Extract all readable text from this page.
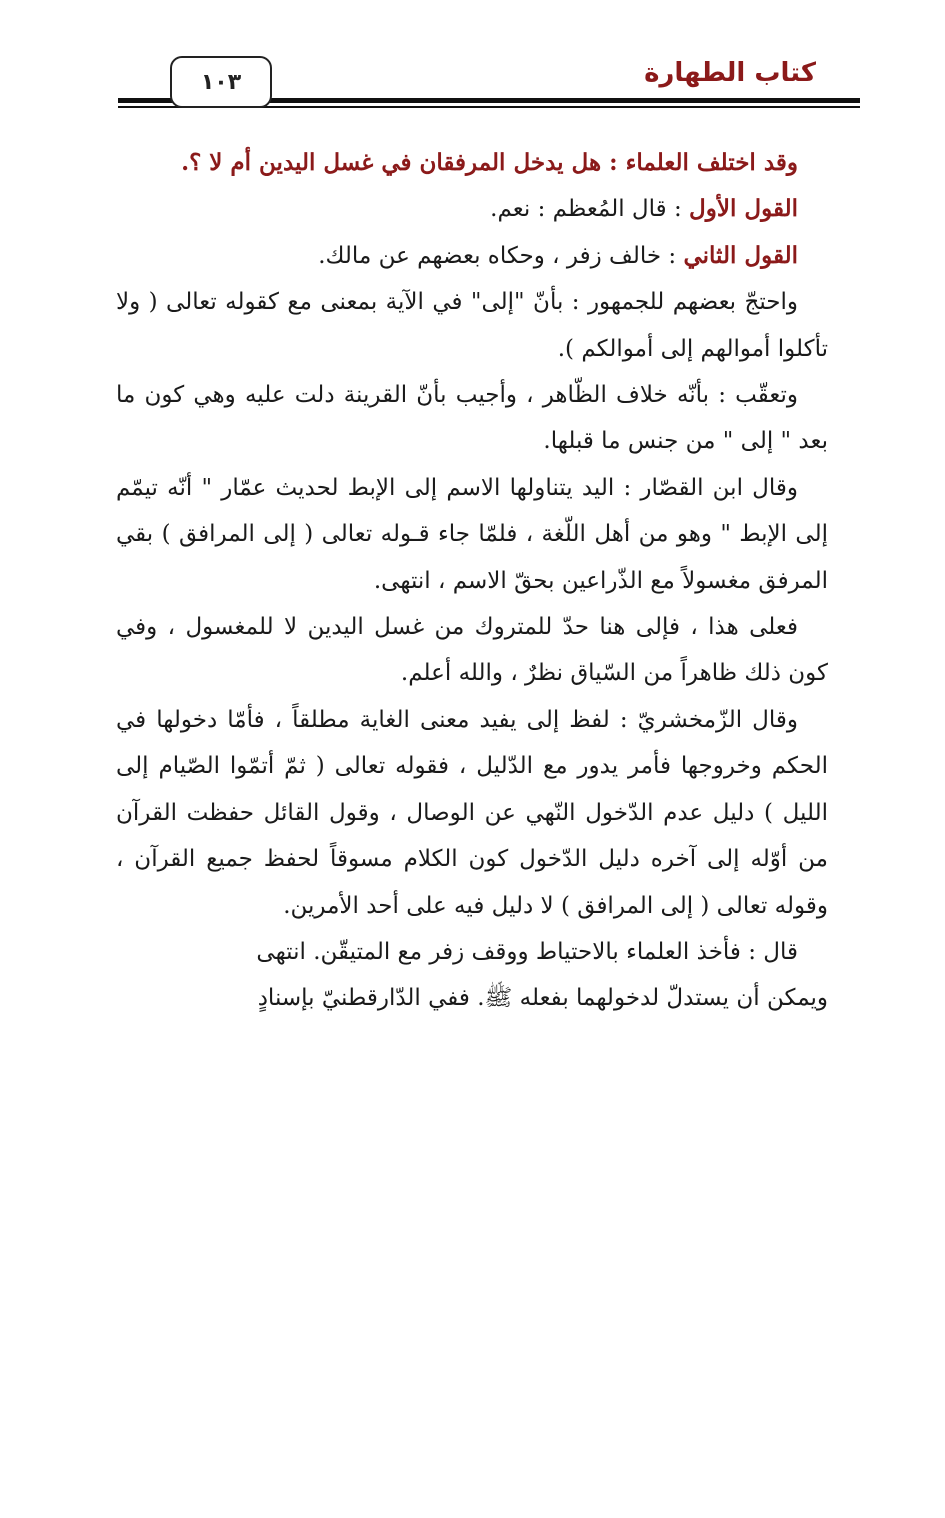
١٠٣	كتاب الطهارة

وقد اختلف العلماء : هل يدخل المرفقان في غسل اليدين أم لا ؟.

القول الأول : قال المُعظم : نعم.

القول الثاني : خالف زفر ، وحكاه بعضهم عن مالك.

واحتجّ بعضهم للجمهور : بأنّ "إلى" في الآية بمعنى مع كقوله تعالى ( ولا تأكلوا أموالهم إلى أموالكم ).

وتعقّب : بأنّه خلاف الظّاهر ، وأجيب بأنّ القرينة دلت عليه وهي كون ما بعد " إلى " من جنس ما قبلها.

وقال ابن القصّار : اليد يتناولها الاسم إلى الإبط لحديث عمّار " أنّه تيمّم إلى الإبط " وهو من أهل اللّغة ، فلمّا جاء قـوله تعالى ( إلى المرافق ) بقي المرفق مغسولاً مع الذّراعين بحقّ الاسم ، انتهى.

فعلى هذا ، فإلى هنا حدّ للمتروك من غسل اليدين لا للمغسول ، وفي كون ذلك ظاهراً من السّياق نظرٌ ، والله أعلم.

وقال الزّمخشريّ : لفظ إلى يفيد معنى الغاية مطلقاً ، فأمّا دخولها في الحكم وخروجها فأمر يدور مع الدّليل ، فقوله تعالى ( ثمّ أتمّوا الصّيام إلى الليل ) دليل عدم الدّخول النّهي عن الوصال ، وقول القائل حفظت القرآن من أوّله إلى آخره دليل الدّخول كون الكلام مسوقاً لحفظ جميع القرآن ، وقوله تعالى ( إلى المرافق ) لا دليل فيه على أحد الأمرين.

قال : فأخذ العلماء بالاحتياط ووقف زفر مع المتيقّن. انتهى

ويمكن أن يستدلّ لدخولهما بفعله ﷺ. ففي الدّارقطنيّ بإسنادٍ
